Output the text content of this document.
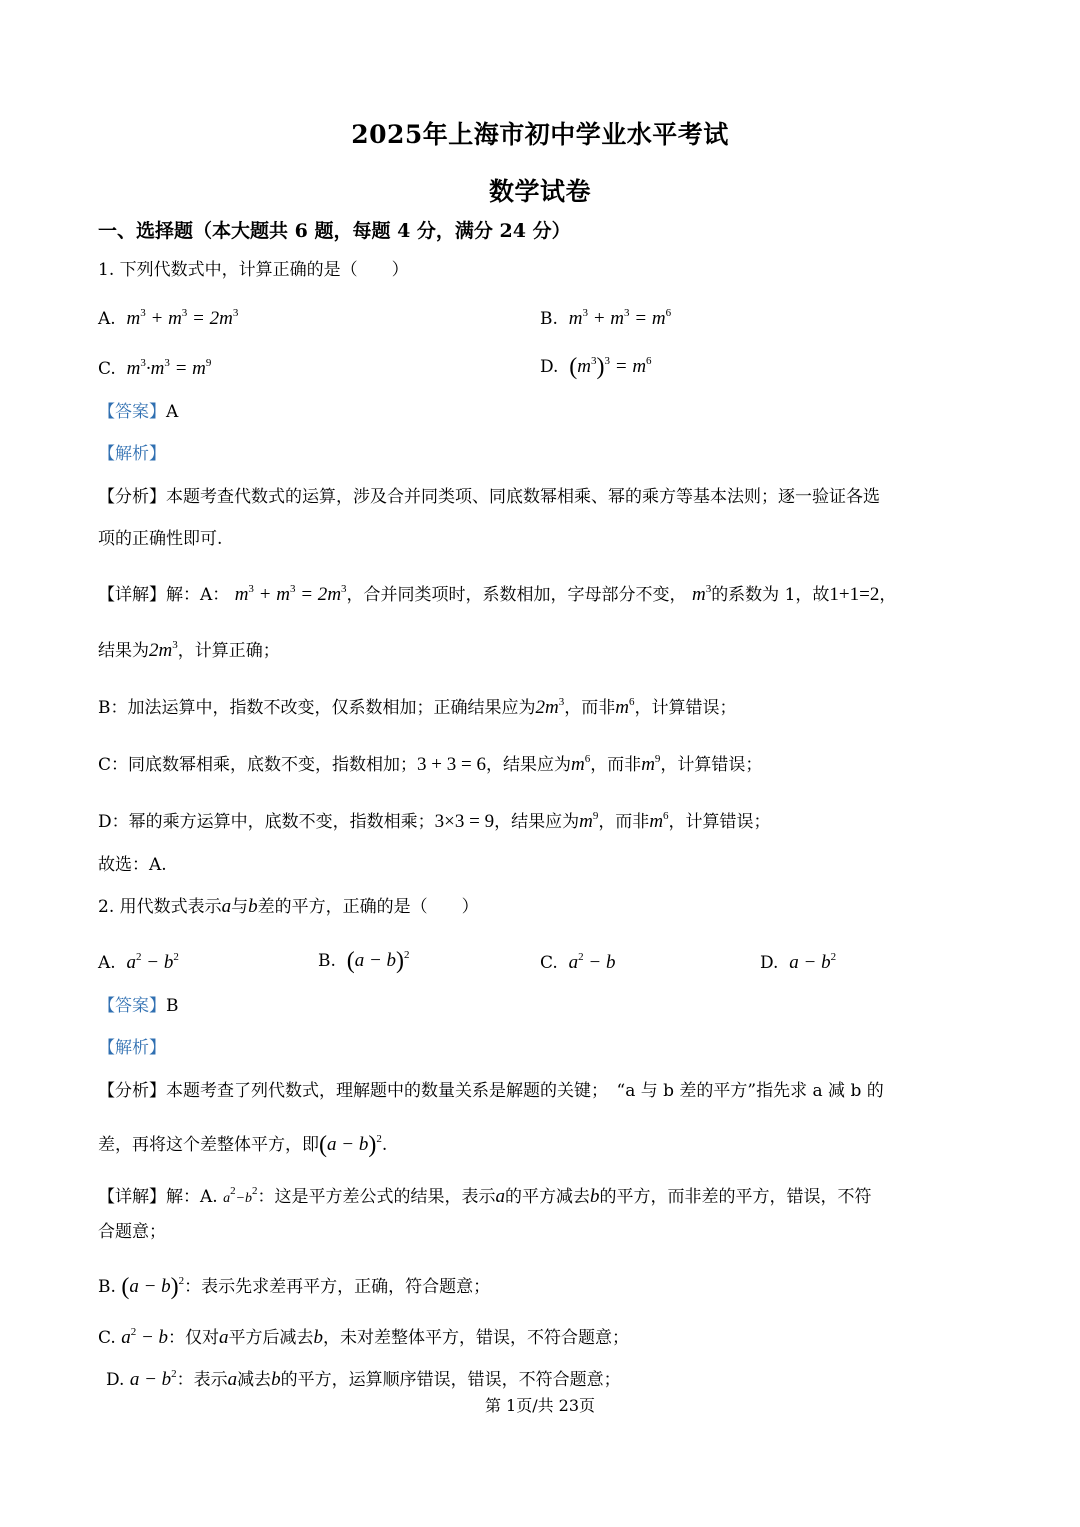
2025年上海市初中学业水平考试
数学试卷
一、选择题（本大题共 6 题，每题 4 分，满分 24 分）
1. 下列代数式中，计算正确的是（　　）
A. $m^3 + m^3 = 2m^3$	B. $m^3 + m^3 = m^6$
C. $m^3\cdot m^3 = m^9$	D. $(m^3)^3 = m^6$
【答案】A
【解析】
【分析】本题考查代数式的运算，涉及合并同类项、同底数幂相乘、幂的乘方等基本法则；逐一验证各选
项的正确性即可.
【详解】解：A： $m^3 + m^3 = 2m^3$，合并同类项时，系数相加，字母部分不变， $m^3$的系数为 1，故1+1=2，
结果为$2m^3$，计算正确；
B：加法运算中，指数不改变，仅系数相加；正确结果应为$2m^3$，而非$m^6$，计算错误；
C：同底数幂相乘，底数不变，指数相加；3 + 3 = 6，结果应为$m^6$，而非$m^9$，计算错误；
D：幂的乘方运算中，底数不变，指数相乘；3×3 = 9，结果应为$m^9$，而非$m^6$，计算错误；
故选：A.
2. 用代数式表示a与b差的平方，正确的是（　　）
A. $a^2 - b^2$	B. $(a - b)^2$	C. $a^2 - b$	D. $a - b^2$
【答案】B
【解析】
【分析】本题考查了列代数式，理解题中的数量关系是解题的关键；　“a 与 b 差的平方”指先求 a 减 b 的
差，再将这个差整体平方，即$(a - b)^2$.
【详解】解：A. $a^2-b^2$：这是平方差公式的结果，表示a的平方减去b的平方，而非差的平方，错误，不符
合题意；
B. $(a - b)^2$：表示先求差再平方，正确，符合题意；
C. $a^2 - b$：仅对a平方后减去b，未对差整体平方，错误，不符合题意；
D. $a - b^2$：表示a减去b的平方，运算顺序错误，错误，不符合题意；
第 1页/共 23页
